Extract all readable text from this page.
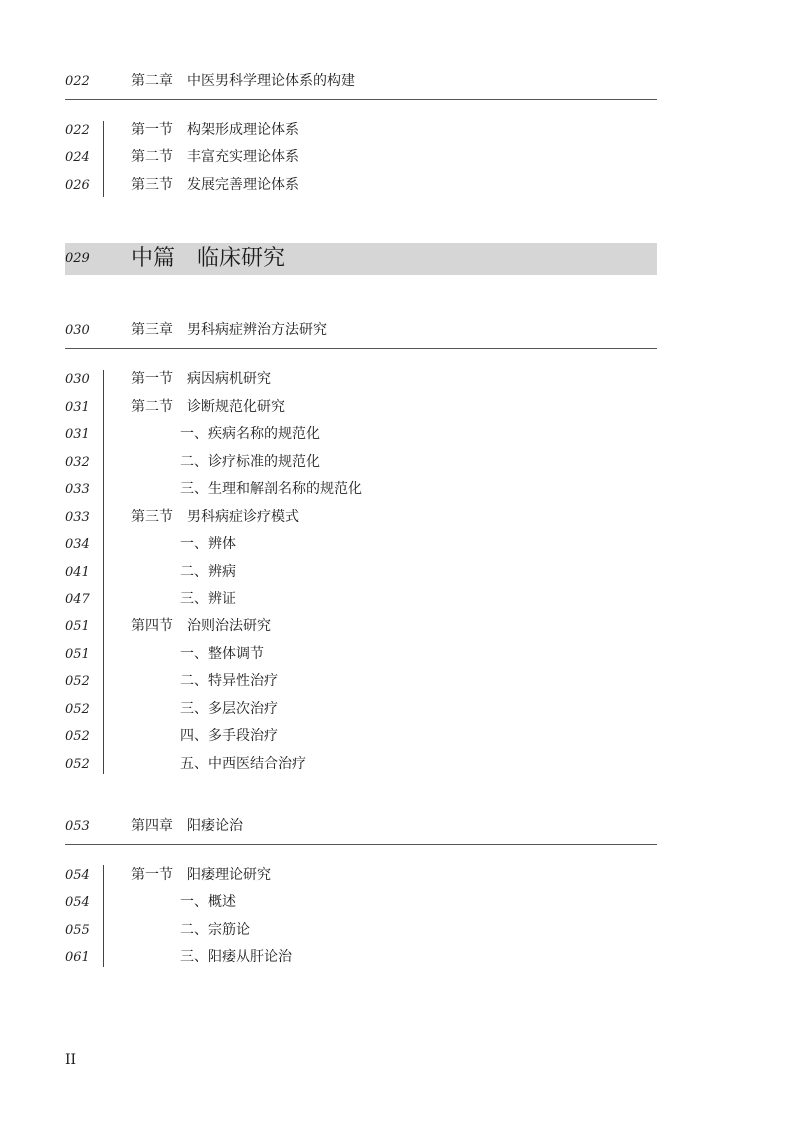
022	第二章　中医男科学理论体系的构建
022	第一节　构架形成理论体系
024	第二节　丰富充实理论体系
026	第三节　发展完善理论体系
029 中篇　临床研究
030	第三章　男科病症辨治方法研究
030	第一节　病因病机研究
031	第二节　诊断规范化研究
031	一、疾病名称的规范化
032	二、诊疗标准的规范化
033	三、生理和解剖名称的规范化
033	第三节　男科病症诊疗模式
034	一、辨体
041	二、辨病
047	三、辨证
051	第四节　治则治法研究
051	一、整体调节
052	二、特异性治疗
052	三、多层次治疗
052	四、多手段治疗
052	五、中西医结合治疗
053	第四章　阳痿论治
054	第一节　阳痿理论研究
054	一、概述
055	二、宗筋论
061	三、阳痿从肝论治
II
